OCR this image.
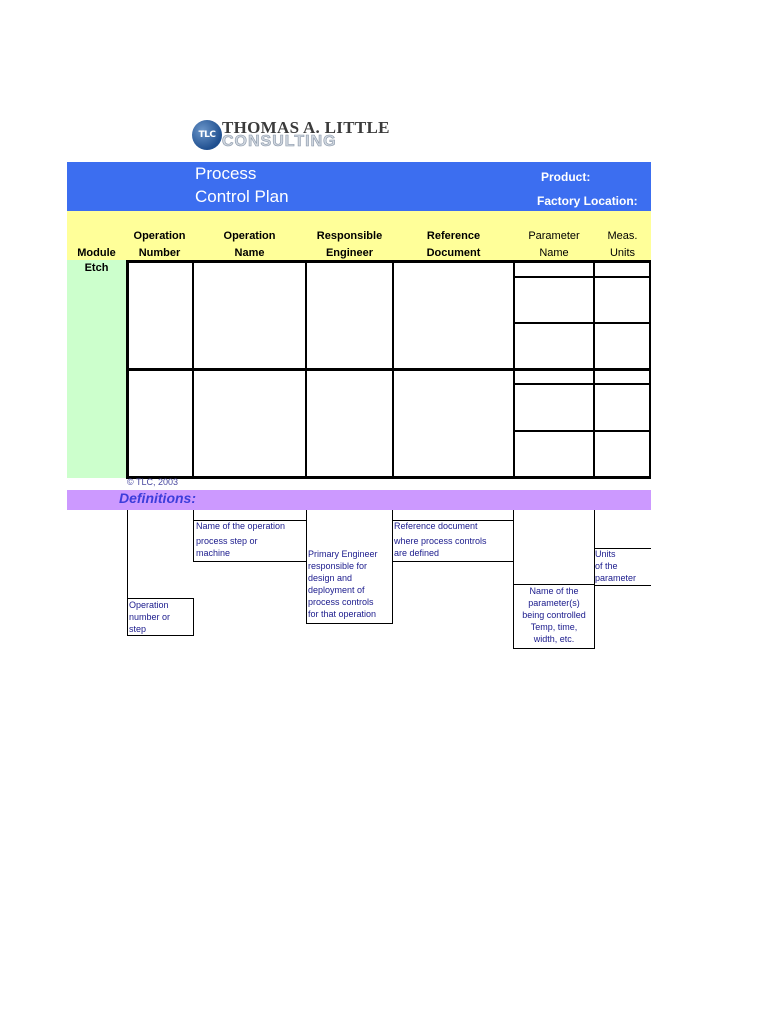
TLC THOMAS A. LITTLE
CONSULTING
Process
Control Plan
Product:
Factory Location:
Module
Operation
Number
Operation
Name
Responsible
Engineer
Reference
Document
Parameter
Name
Meas.
Units
Etch
© TLC, 2003
Definitions:
Operation
number or
step
Name of the operation
process step or
machine	Primary Engineer
responsible for
design and
deployment of
process controls
for that operation
Reference document
where process controls
are defined
Name of the
parameter(s)
being controlled
Temp, time,
width, etc.
Units
of the
parameter
